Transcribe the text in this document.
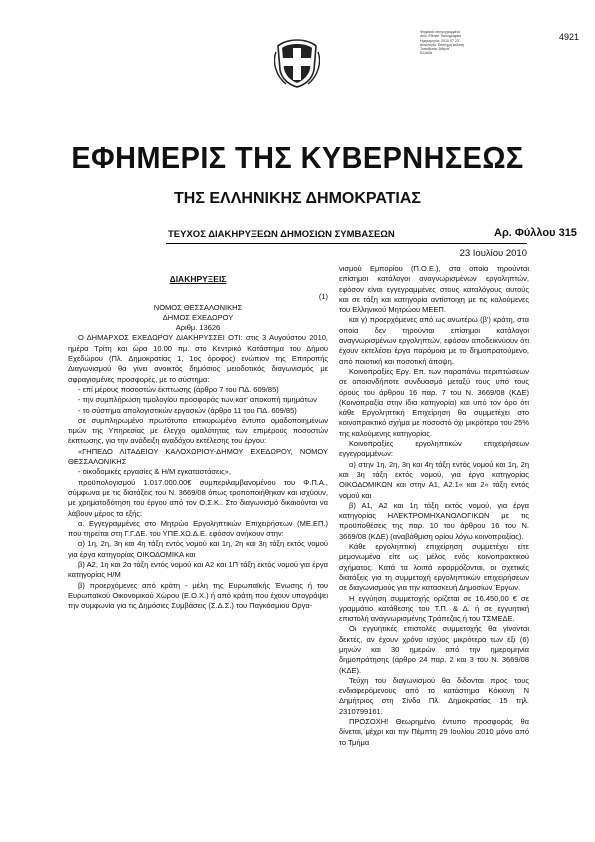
Ψηφιακά υπογεγραμμένο
από: Εθνικό Τυπογραφείο
Ημερομηνία: 2010.07.23
Αιτιολογία: Επίσημη έκδοση
Τοποθεσία: Αθήνα
Ελλάδα
4921
ΕΦΗΜΕΡΙΣ ΤΗΣ ΚΥΒΕΡΝΗΣΕΩΣ
ΤΗΣ ΕΛΛΗΝΙΚΗΣ ΔΗΜΟΚΡΑΤΙΑΣ
ΤΕΥΧΟΣ ΔΙΑΚΗΡΥΞΕΩΝ ΔΗΜΟΣΙΩΝ ΣΥΜΒΑΣΕΩΝ	Αρ. Φύλλου 315
23 Ιουλίου 2010

ΔΙΑΚΗΡΥΞΕΙΣ

(1)

ΝΟΜΟΣ ΘΕΣΣΑΛΟΝΙΚΗΣ

ΔΗΜΟΣ ΕΧΕΔΩΡΟΥ

Αριθμ. 13626

Ο ΔΗΜΑΡΧΟΣ ΕΧΕΔΩΡΟΥ ΔΙΑΚΗΡΥΣΣΕΙ ΟΤΙ: στις 3 Αυγούστου 2010, ημέρα Τρίτη και ώρα 10.00 πμ. στο Κεντρικό Κατάστημα του Δήμου Εχεδώρου (Πλ. Δημοκρατίας 1, 1ος όροφος) ενώπιον της Επιτροπής Διαγωνισμού θα γίνει ανοικτός δημόσιος μειοδοτικός διαγωνισμός με σφραγισμένες προσφορές, με το σύστημα:

- επί μέρους ποσοστών έκπτωσης (άρθρο 7 του ΠΔ. 609/85)

- την συμπλήρωση τιμολογίου προσφοράς των κατ' αποκοπή τιμημάτων

- το σύστημα απολογιστικών εργασιών (άρθρο 11 του ΠΔ. 609/85)

σε συμπληρωμένο πρωτότυπο επικυρωμένο έντυπο ομαδοποιημένων τιμών της Υπηρεσίας με έλεγχο ομαλότητας των επιμέρους ποσοστών έκπτωσης, για την ανάδειξη αναδόχου εκτέλεσης του έργου:

«ΓΗΠΕΔΟ ΛΙΤΑΔΕΙΟΥ ΚΑΛΟΧΩΡΙΟΥ-ΔΗΜΟΥ ΕΧΕΔΩΡΟΥ, ΝΟΜΟΥ ΘΕΣΣΑΛΟΝΙΚΗΣ

- οικοδομικές εργασίες & Η/Μ εγκαταστάσεις»,

προϋπολογισμού 1.017.000.00€ συμπεριλαμβανομένου του Φ.Π.Α., σύμφωνα με τις διατάξεις του Ν. 3669/08 όπως τροποποιήθηκαν και ισχύουν, με χρηματοδότηση του έργου από τον Ο.Σ.Κ.. Στο διαγωνισμό δικαιούνται να λάβουν μέρος τα εξής:

α. Εγγεγραμμένες στο Μητρώο Εργοληπτικών Επιχειρήσεων (ΜΕ.ΕΠ.) που τηρείται στη Γ.Γ.ΔΕ. του ΥΠΕ.ΧΩ.Δ.Ε. εφόσον ανήκουν στην:

α) 1η, 2η, 3η και 4η τάξη εντός νομού και 1η, 2η και 3η τάξη εκτός νομού για έργα κατηγορίας ΟΙΚΟΔΟΜΙΚΑ και

β) Α2, 1η και 2α τάξη εντός νομού και Α2 και 1Π τάξη εκτός νομού για έργα κατηγορίας Η/Μ

β) προερχόμενες από κράτη - μέλη της Ευρωπαϊκής Ένωσης ή του Ευρωπαϊκού Οικονομικού Χώρου (Ε.Ο.Χ.) ή από κράτη που έχουν υπογράψει την συμφωνία για τις Δημόσιες Συμβάσεις (Σ.Δ.Σ.) του Παγκόσμιου Οργα-

νισμού Εμπορίου (Π.Ο.Ε.), στα οποία τηρούνται επίσημοι κατάλογοι αναγνωρισμένων εργοληπτών, εφόσον είναι εγγεγραμμένες στους καταλόγους αυτούς και σε τάξη και κατηγορία αντίστοιχη με τις καλούμενες του Ελληνικού Μητρώου ΜΕΕΠ.

και γ) προερχόμενες από ως ανωτέρω (β') κράτη, στα οποία δεν τηρούνται επίσημοι κατάλογοι αναγνωρισμένων εργοληπτών, εφόσον αποδεικνύουν ότι έχουν εκτελέσει έργα παρόμοια με το δημοπρατούμενο, από ποιοτική και ποσοτική άποψη.

Κοινοπραξίες Εργ. Επ. των παραπάνω περιπτώσεων σε οποιονδήποτε συνδυασμό μεταξύ τους υπό τους όρους του άρθρου 16 παρ. 7 του Ν. 3669/08 (ΚΔΕ) (Κοινοπραξία στην ίδια κατηγορία) και υπό τον όρο ότι κάθε Εργοληπτική Επιχείρηση θα συμμετέχει στο κοινοπρακτικό σχήμα με ποσοστό όχι μικρότερο του 25% της καλούμενης κατηγορίας.

Κοινοπραξίες εργοληπτικών επιχειρήσεων εγγεγραμμένων:

α) στην 1η, 2η, 3η και 4η τάξη εντός νομού και 1η, 2η και 3η τάξη εκτός νομού, για έργα κατηγορίας ΟΙΚΟΔΟΜΙΚΩΝ και στην Α1, Α2.1« και 2« τάξη εντός νομού και

β) Α1, Α2 και 1η τάξη εκτός νομού, για έργα κατηγορίας ΗΛΕΚΤΡΟΜΗΧΑΝΟΛΟΓΙΚΩΝ με τις προϋποθέσεις της παρ. 10 του άρθρου 16 του Ν. 3669/08 (ΚΔΕ) (αναβάθμιση ορίου λόγω κοινοπραξίας).

Κάθε εργοληπτική επιχείρηση συμμετέχει είτε μεμονωμένα είτε ως μέλος ενός κοινοπρακτικού σχήματος. Κατά τα λοιπά εφαρμόζονται, οι σχετικές διατάξεις για τη συμμετοχή εργοληπτικών επιχειρήσεων σε διαγωνισμούς για την κατασκευή Δημοσίων Έργων.

Η εγγύηση συμμετοχής ορίζεται σε 16.450,00 € σε γραμμάτιο κατάθεσης του Τ.Π. & Δ. ή σε εγγυητική επιστολή αναγνωρισμένης Τράπεζας ή του ΤΣΜΕΔΕ.

Οι εγγυητικές επιστολές συμμετοχής θα γίνονται δεκτές, αν έχουν χρόνο ισχύος μικρότερο των έξι (6) μηνών και 30 ημερών από την ημερομηνία δημοπράτησης (άρθρο 24 παρ. 2 και 3 του Ν. 3669/08 (ΚΔΕ).

Τεύχη του διαγωνισμού θα διδονται προς τους ενδιαφερόμενους από το κατάστημα Κόκκινη Ν Δημήτριος στη Σίνδο Πλ. Δημοκρατίας 15 τηλ. 2310799161.

ΠΡΟΣΟΧΗ! Θεωρημένο έντυπο προσφοράς θα δίνεται, μέχρι και την Πέμπτη 29 Ιουλίου 2010 μόνο από το Τμήμα
